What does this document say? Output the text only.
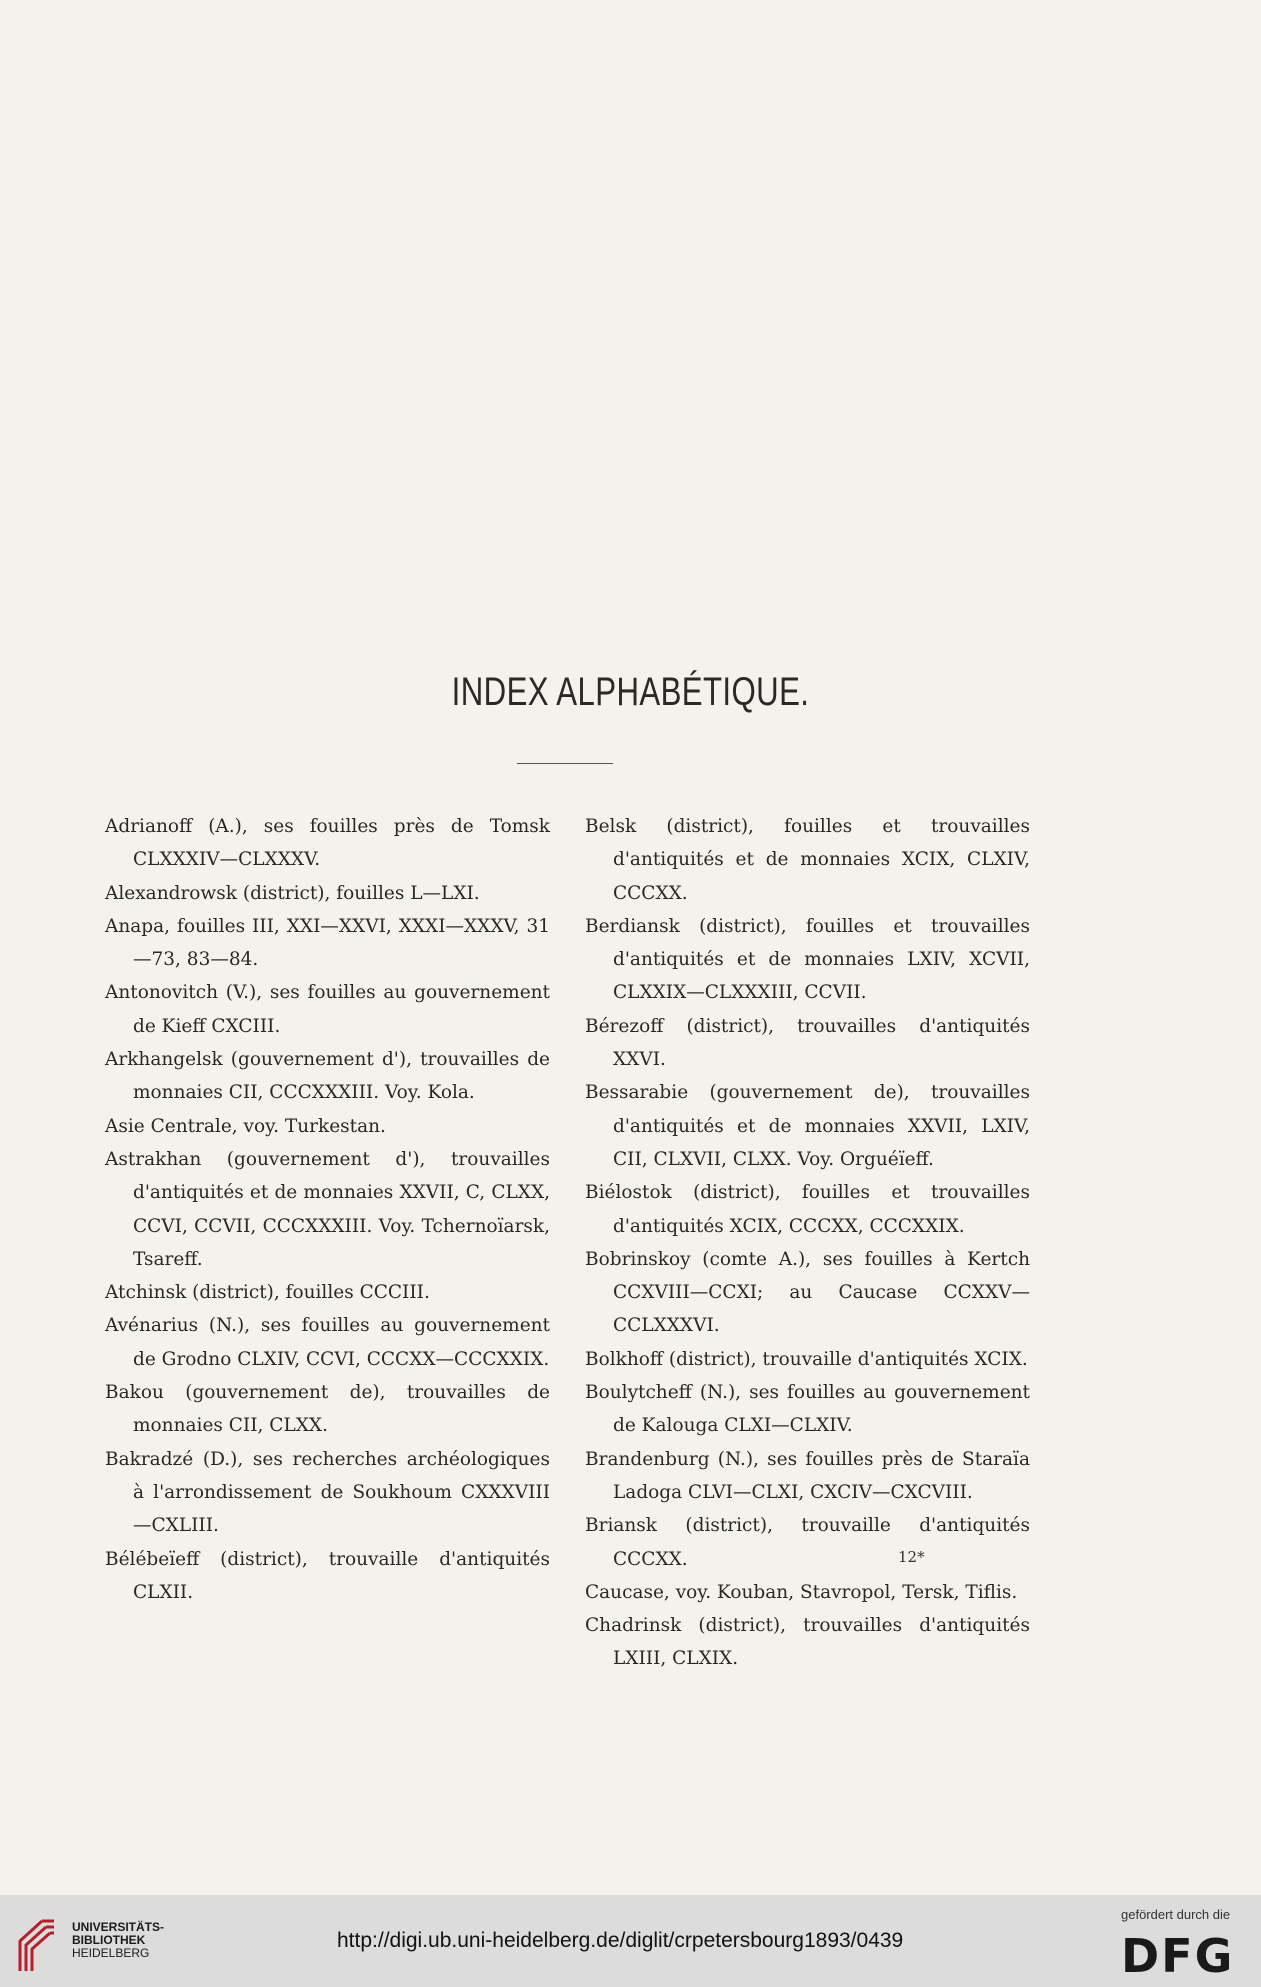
INDEX ALPHABÉTIQUE.
Adrianoff (A.), ses fouilles près de Tomsk CLXXXIV—CLXXXV.
Alexandrowsk (district), fouilles L—LXI.
Anapa, fouilles III, XXI—XXVI, XXXI—XXXV, 31—73, 83—84.
Antonovitch (V.), ses fouilles au gouvernement de Kieff CXCIII.
Arkhangelsk (gouvernement d'), trouvailles de monnaies CII, CCCXXXIII. Voy. Kola.
Asie Centrale, voy. Turkestan.
Astrakhan (gouvernement d'), trouvailles d'antiquités et de monnaies XXVII, C, CLXX, CCVI, CCVII, CCCXXXIII. Voy. Tchernoïarsk, Tsareff.
Atchinsk (district), fouilles CCCIII.
Avénarius (N.), ses fouilles au gouvernement de Grodno CLXIV, CCVI, CCCXX—CCCXXIX.
Bakou (gouvernement de), trouvailles de monnaies CII, CLXX.
Bakradzé (D.), ses recherches archéologiques à l'arrondissement de Soukhoum CXXXVIII—CXLIII.
Bélébeïeff (district), trouvaille d'antiquités CLXII.
Belsk (district), fouilles et trouvailles d'antiquités et de monnaies XCIX, CLXIV, CCCXX.
Berdiansk (district), fouilles et trouvailles d'antiquités et de monnaies LXIV, XCVII, CLXXIX—CLXXXIII, CCVII.
Bérezoff (district), trouvailles d'antiquités XXVI.
Bessarabie (gouvernement de), trouvailles d'antiquités et de monnaies XXVII, LXIV, CII, CLXVII, CLXX. Voy. Orguéïeff.
Biélostok (district), fouilles et trouvailles d'antiquités XCIX, CCCXX, CCCXXIX.
Bobrinskoy (comte A.), ses fouilles à Kertch CCXVIII—CCXI; au Caucase CCXXV—CCLXXXVI.
Bolkhoff (district), trouvaille d'antiquités XCIX.
Boulytcheff (N.), ses fouilles au gouvernement de Kalouga CLXI—CLXIV.
Brandenburg (N.), ses fouilles près de Staraïa Ladoga CLVI—CLXI, CXCIV—CXCVIII.
Briansk (district), trouvaille d'antiquités CCCXX.
Caucase, voy. Kouban, Stavropol, Tersk, Tiflis.
Chadrinsk (district), trouvailles d'antiquités LXIII, CLXIX.
12*
UNIVERSITÄTS-
BIBLIOTHEK
HEIDELBERG
http://digi.ub.uni-heidelberg.de/diglit/crpetersbourg1893/0439
gefördert durch die
DFG
